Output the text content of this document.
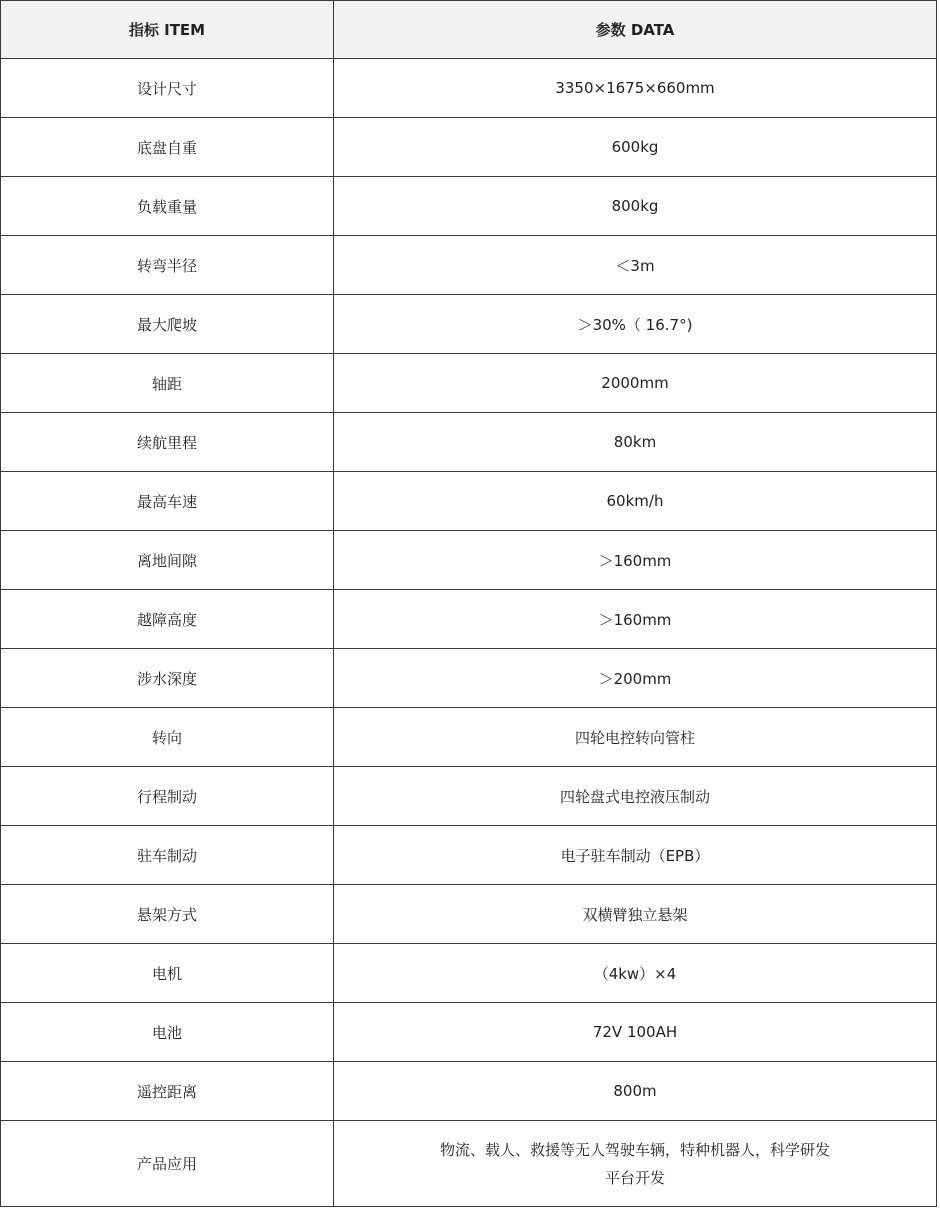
指标 ITEM	参数 DATA
设计尺寸	3350×1675×660mm
底盘自重	600kg
负载重量	800kg
转弯半径	＜3m
最大爬坡	＞30%（ 16.7°)
轴距	2000mm
续航里程	80km
最高车速	60km/h
离地间隙	＞160mm
越障高度	＞160mm
涉水深度	＞200mm
转向	四轮电控转向管柱
行程制动	四轮盘式电控液压制动
驻车制动	电子驻车制动（EPB）
悬架方式	双横臂独立悬架
电机	（4kw）×4
电池	72V 100AH
遥控距离	800m
产品应用	物流、载人、救援等无人驾驶车辆，特种机器人，科学研发
平台开发
